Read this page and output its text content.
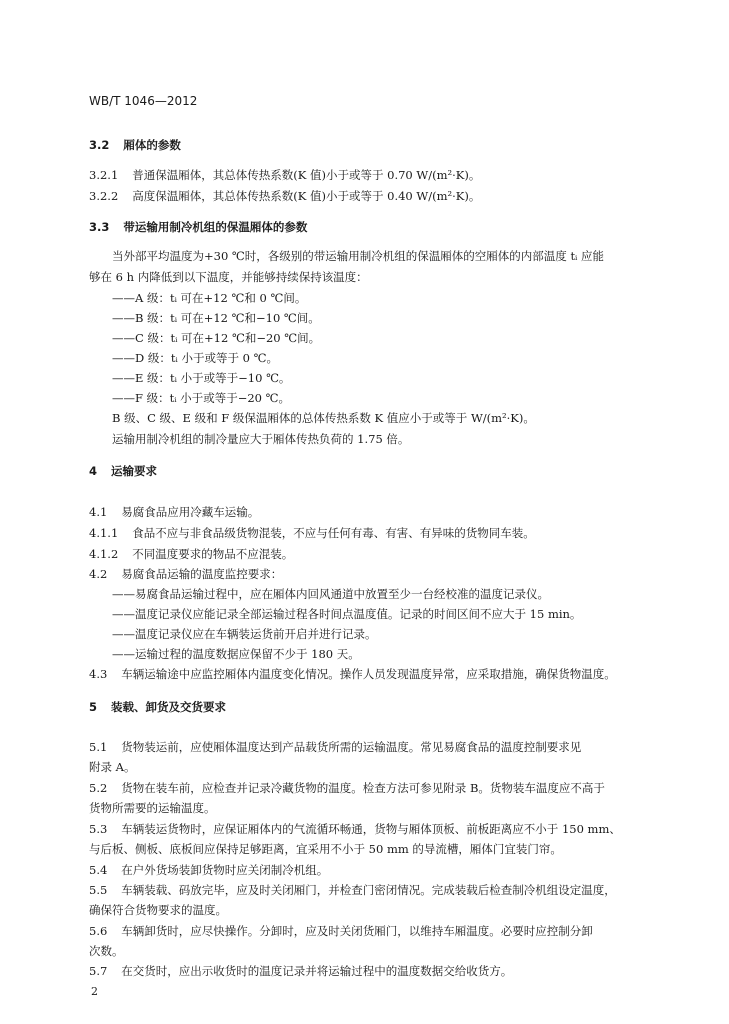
WB/T 1046—2012
3.2 厢体的参数
3.2.1 普通保温厢体，其总体传热系数(K 值)小于或等于 0.70 W/(m²·K)。
3.2.2 高度保温厢体，其总体传热系数(K 值)小于或等于 0.40 W/(m²·K)。
3.3 带运输用制冷机组的保温厢体的参数
当外部平均温度为+30 ℃时，各级别的带运输用制冷机组的保温厢体的空厢体的内部温度 tᵢ 应能
够在 6 h 内降低到以下温度，并能够持续保持该温度：
——A 级：tᵢ 可在+12 ℃和 0 ℃间。
——B 级：tᵢ 可在+12 ℃和−10 ℃间。
——C 级：tᵢ 可在+12 ℃和−20 ℃间。
——D 级：tᵢ 小于或等于 0 ℃。
——E 级：tᵢ 小于或等于−10 ℃。
——F 级：tᵢ 小于或等于−20 ℃。
B 级、C 级、E 级和 F 级保温厢体的总体传热系数 K 值应小于或等于 W/(m²·K)。
运输用制冷机组的制冷量应大于厢体传热负荷的 1.75 倍。
4 运输要求
4.1 易腐食品应用冷藏车运输。
4.1.1 食品不应与非食品级货物混装，不应与任何有毒、有害、有异味的货物同车装。
4.1.2 不同温度要求的物品不应混装。
4.2 易腐食品运输的温度监控要求：
——易腐食品运输过程中，应在厢体内回风通道中放置至少一台经校准的温度记录仪。
——温度记录仪应能记录全部运输过程各时间点温度值。记录的时间区间不应大于 15 min。
——温度记录仪应在车辆装运货前开启并进行记录。
——运输过程的温度数据应保留不少于 180 天。
4.3 车辆运输途中应监控厢体内温度变化情况。操作人员发现温度异常，应采取措施，确保货物温度。
5 装载、卸货及交货要求
5.1 货物装运前，应使厢体温度达到产品载货所需的运输温度。常见易腐食品的温度控制要求见
附录 A。
5.2 货物在装车前，应检查并记录冷藏货物的温度。检查方法可参见附录 B。货物装车温度应不高于
货物所需要的运输温度。
5.3 车辆装运货物时，应保证厢体内的气流循环畅通，货物与厢体顶板、前板距离应不小于 150 mm、
与后板、侧板、底板间应保持足够距离，宜采用不小于 50 mm 的导流槽，厢体门宜装门帘。
5.4 在户外货场装卸货物时应关闭制冷机组。
5.5 车辆装载、码放完毕，应及时关闭厢门，并检查门密闭情况。完成装载后检查制冷机组设定温度，
确保符合货物要求的温度。
5.6 车辆卸货时，应尽快操作。分卸时，应及时关闭货厢门，以维持车厢温度。必要时应控制分卸
次数。
5.7 在交货时，应出示收货时的温度记录并将运输过程中的温度数据交给收货方。
2
